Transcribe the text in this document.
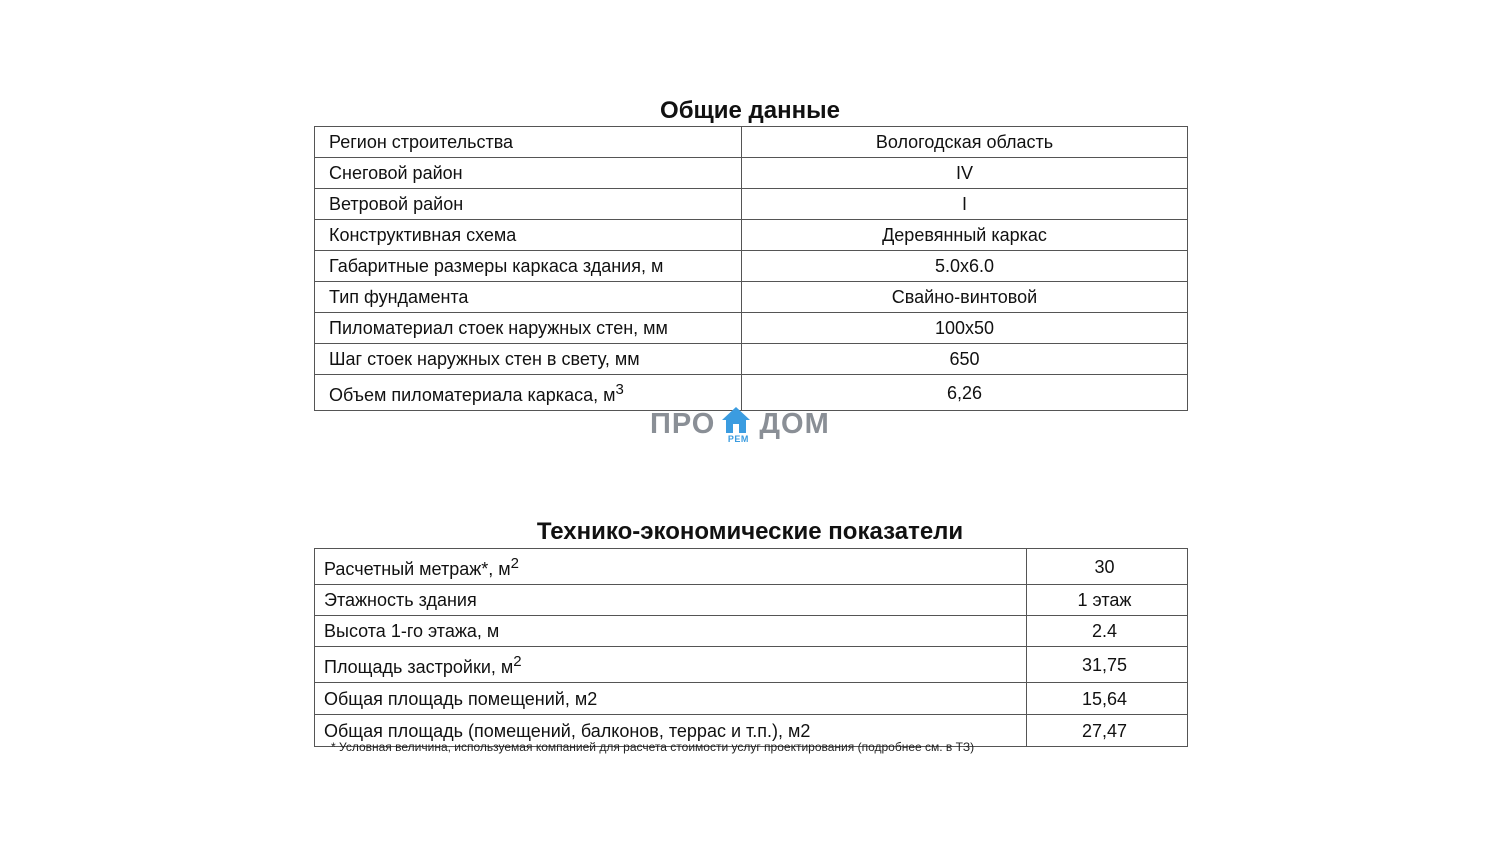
Общие данные
Регион строительства	Вологодская область
Снеговой район	IV
Ветровой район	I
Конструктивная схема	Деревянный каркас
Габаритные размеры каркаса здания, м	5.0x6.0
Тип фундамента	Свайно-винтовой
Пиломатериал стоек наружных стен, мм	100x50
Шаг стоек наружных стен в свету, мм	650
Объем пиломатериала каркаса, $м^3$	6,26
ПРО	РЕМ ДОМ
Технико-экономические показатели
Расчетный метраж*, $м^2$	30
Этажность здания	1 этаж
Высота 1-го этажа, м	2.4
Площадь застройки, $м^2$	31,75
Общая площадь помещений, м2	15,64
Общая площадь (помещений, балконов, террас и т.п.), м2	27,47
* Условная величина, используемая компанией для расчета стоимости услуг проектирования (подробнее см. в ТЗ)
